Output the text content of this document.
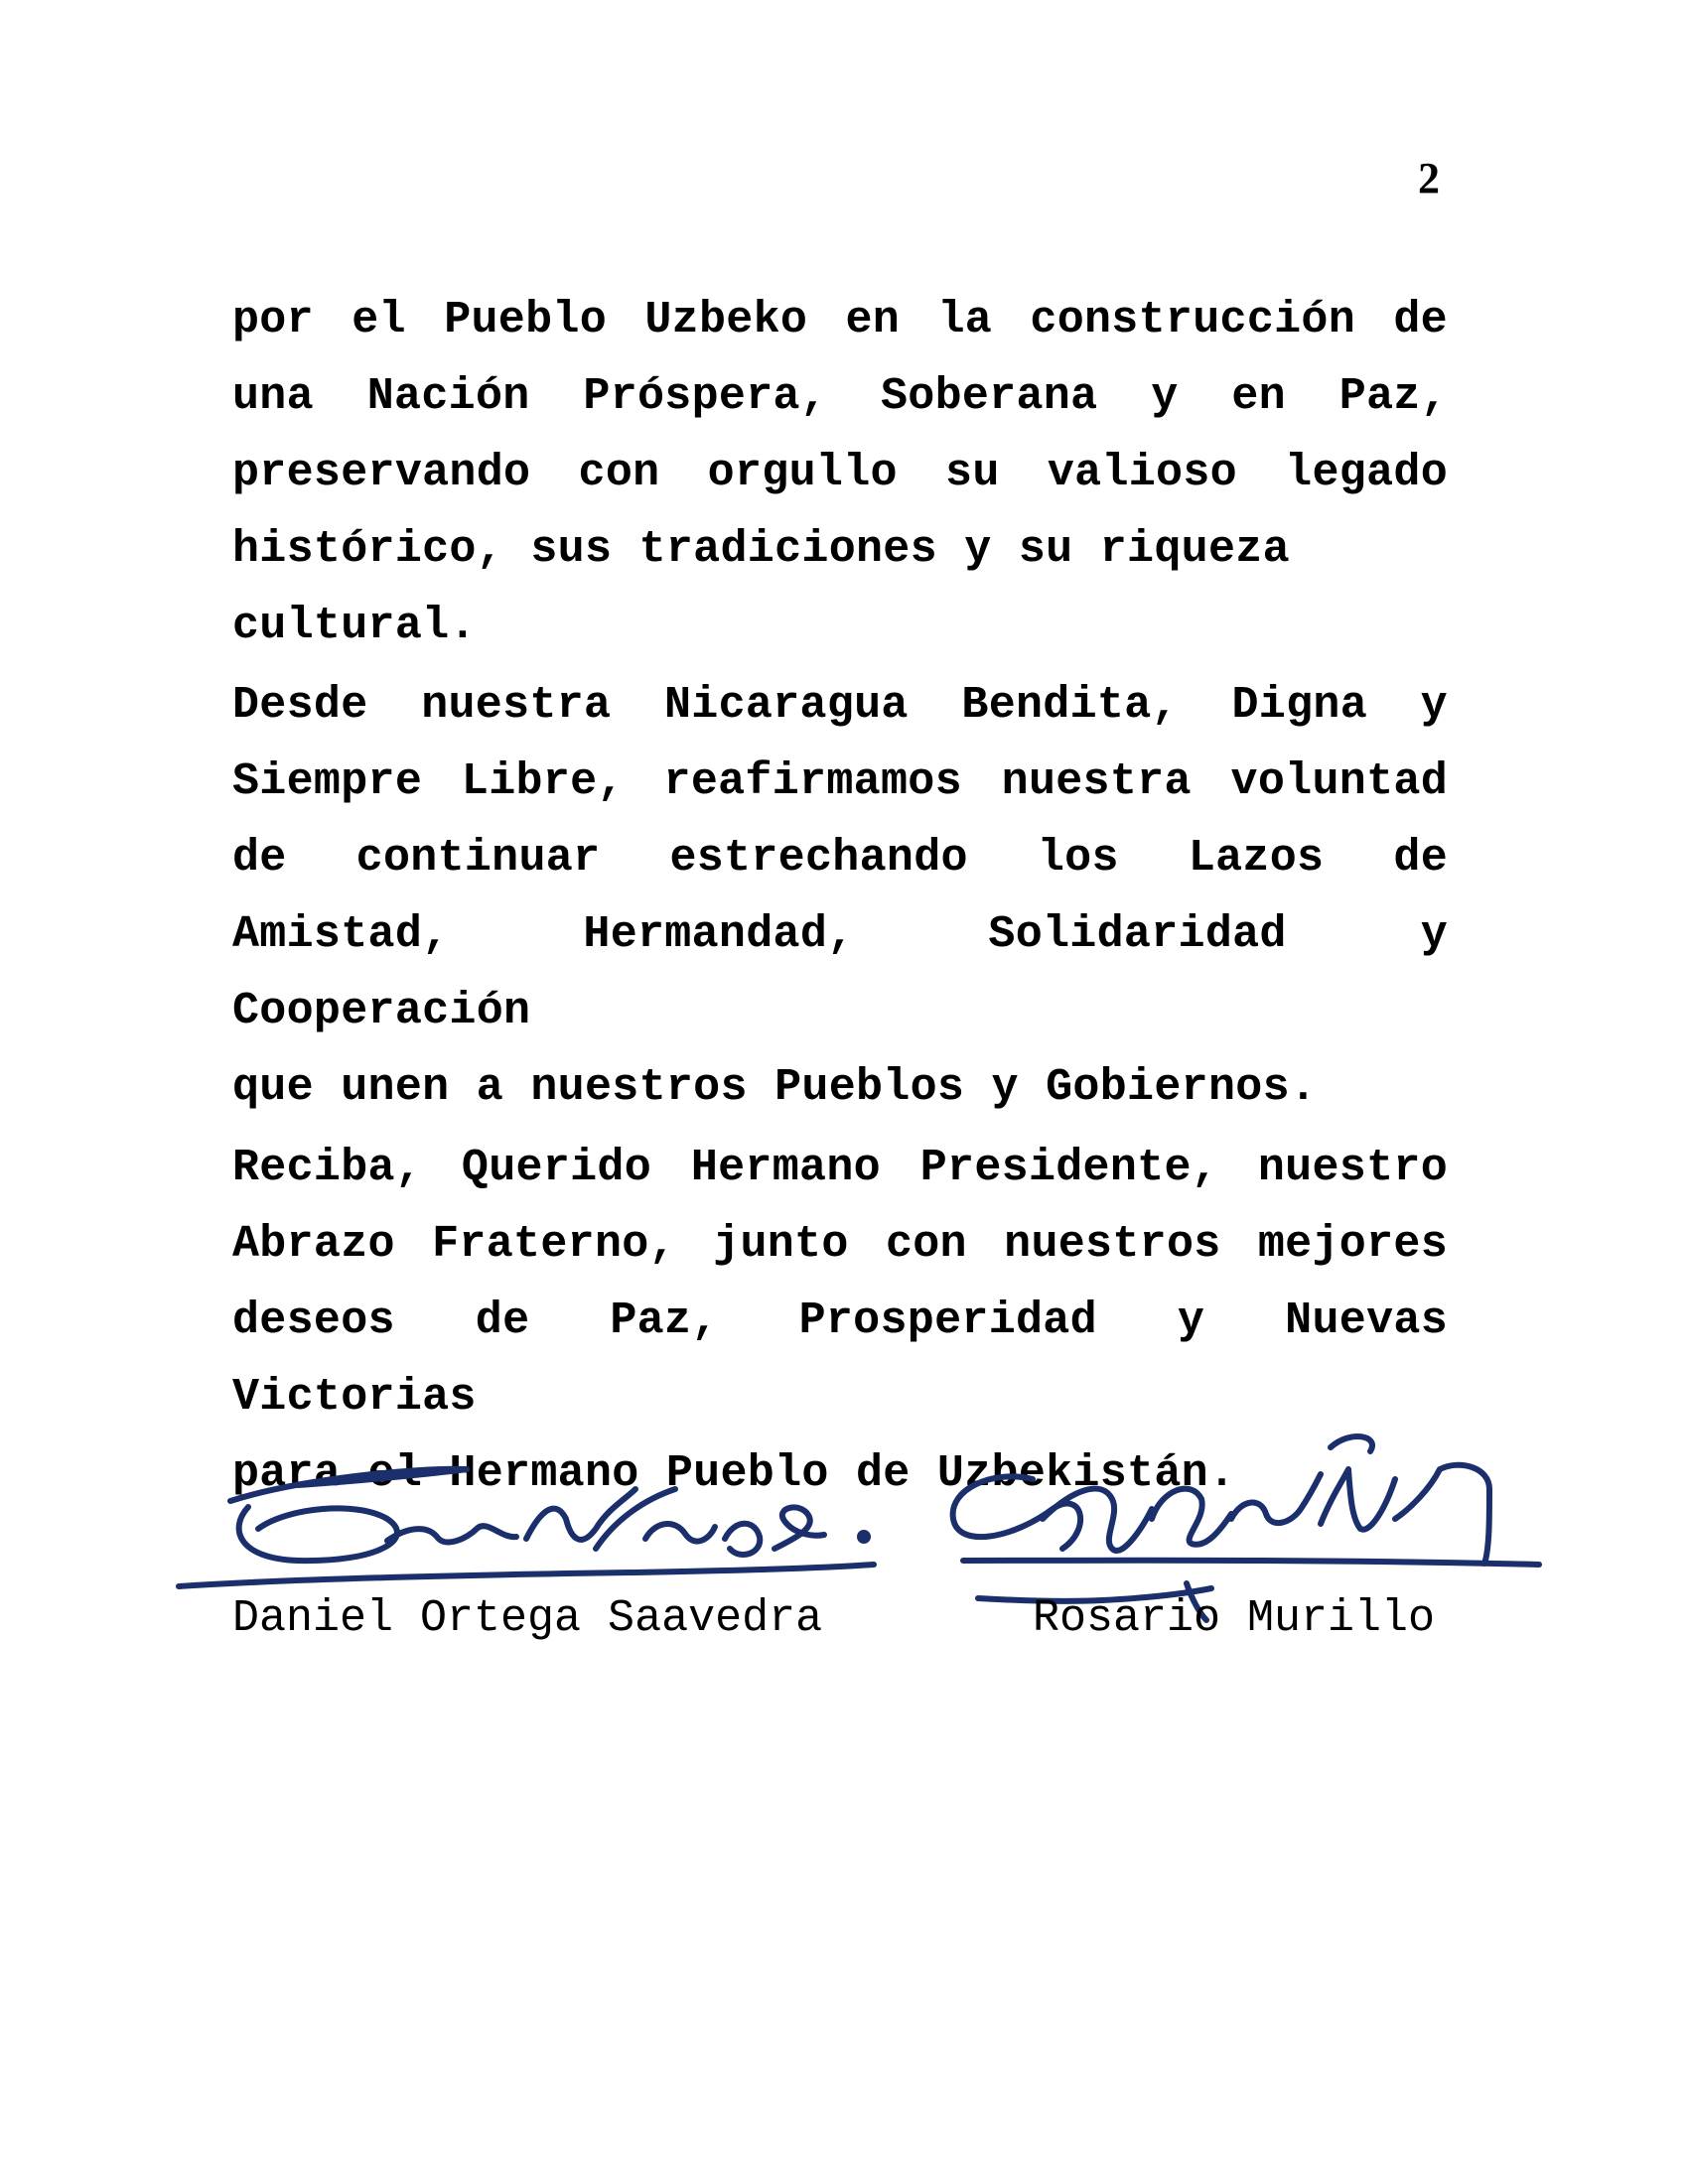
2
por el Pueblo Uzbeko en la construcción de
una Nación Próspera, Soberana y en Paz,
preservando con orgullo su valioso legado
histórico, sus tradiciones y su riqueza cultural.
Desde nuestra Nicaragua Bendita, Digna y
Siempre Libre, reafirmamos nuestra voluntad
de continuar estrechando los Lazos de
Amistad, Hermandad, Solidaridad y Cooperación
que unen a nuestros Pueblos y Gobiernos.
Reciba, Querido Hermano Presidente, nuestro
Abrazo Fraterno, junto con nuestros mejores
deseos de Paz, Prosperidad y Nuevas Victorias
para el Hermano Pueblo de Uzbekistán.
Daniel Ortega Saavedra	Rosario Murillo
